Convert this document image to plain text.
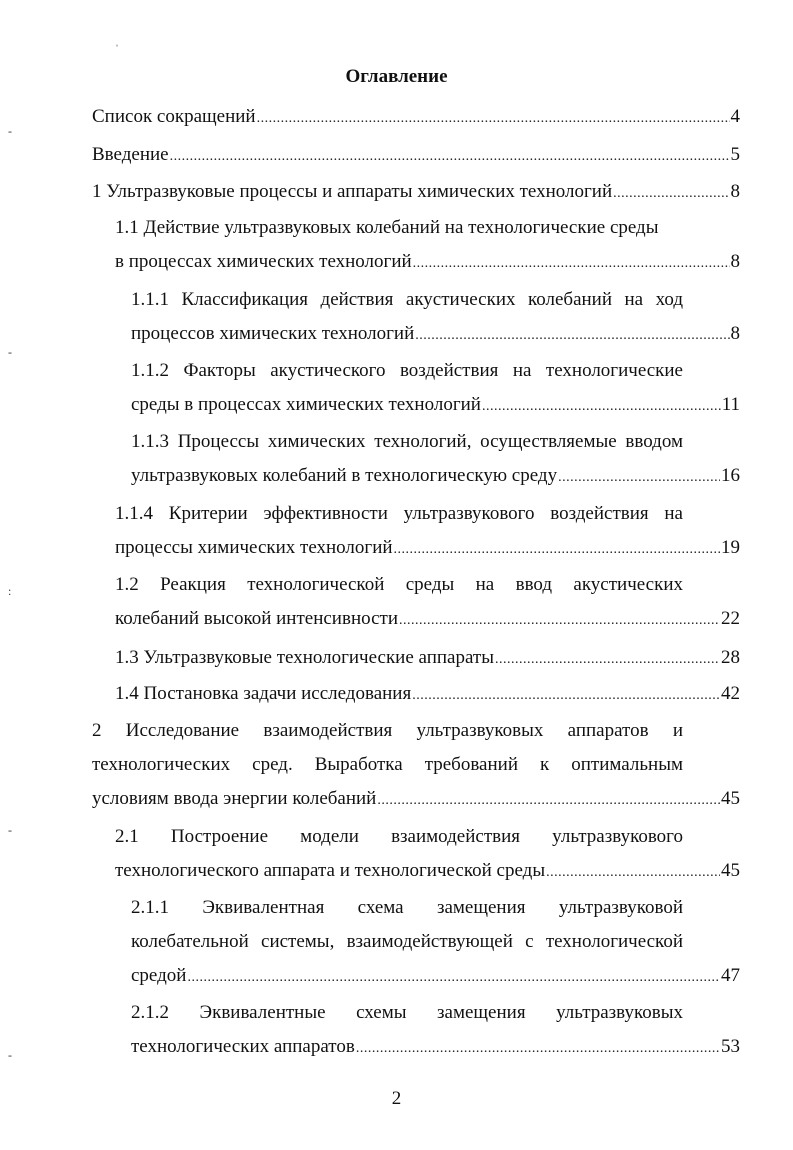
Оглавление
Список сокращений . . .	4
Введение . . .	5
1 Ультразвуковые процессы и аппараты химических технологий . . .	8
1.1 Действие ультразвуковых колебаний на технологические среды
в процессах химических технологий . . .	8
1.1.1 Классификация действия акустических колебаний на ход
процессов химических технологий . . .	8
1.1.2 Факторы акустического воздействия на технологические
среды в процессах химических технологий . . .	11
1.1.3 Процессы химических технологий, осуществляемые вводом
ультразвуковых колебаний в технологическую среду . . .	16
1.1.4 Критерии эффективности ультразвукового воздействия на
процессы химических технологий . . .	19
1.2 Реакция технологической среды на ввод акустических
колебаний высокой интенсивности . . .	22
1.3 Ультразвуковые технологические аппараты . . .	28
1.4 Постановка задачи исследования . . .	42
2 Исследование взаимодействия ультразвуковых аппаратов и
технологических сред. Выработка требований к оптимальным
условиям ввода энергии колебаний . . .	45
2.1 Построение модели взаимодействия ультразвукового
технологического аппарата и технологической среды . . .	45
2.1.1 Эквивалентная схема замещения ультразвуковой
колебательной системы, взаимодействующей с технологической
средой . . .	47
2.1.2 Эквивалентные схемы замещения ультразвуковых
технологических аппаратов . . .	53
2
ˈ
-
-
:
-
-
